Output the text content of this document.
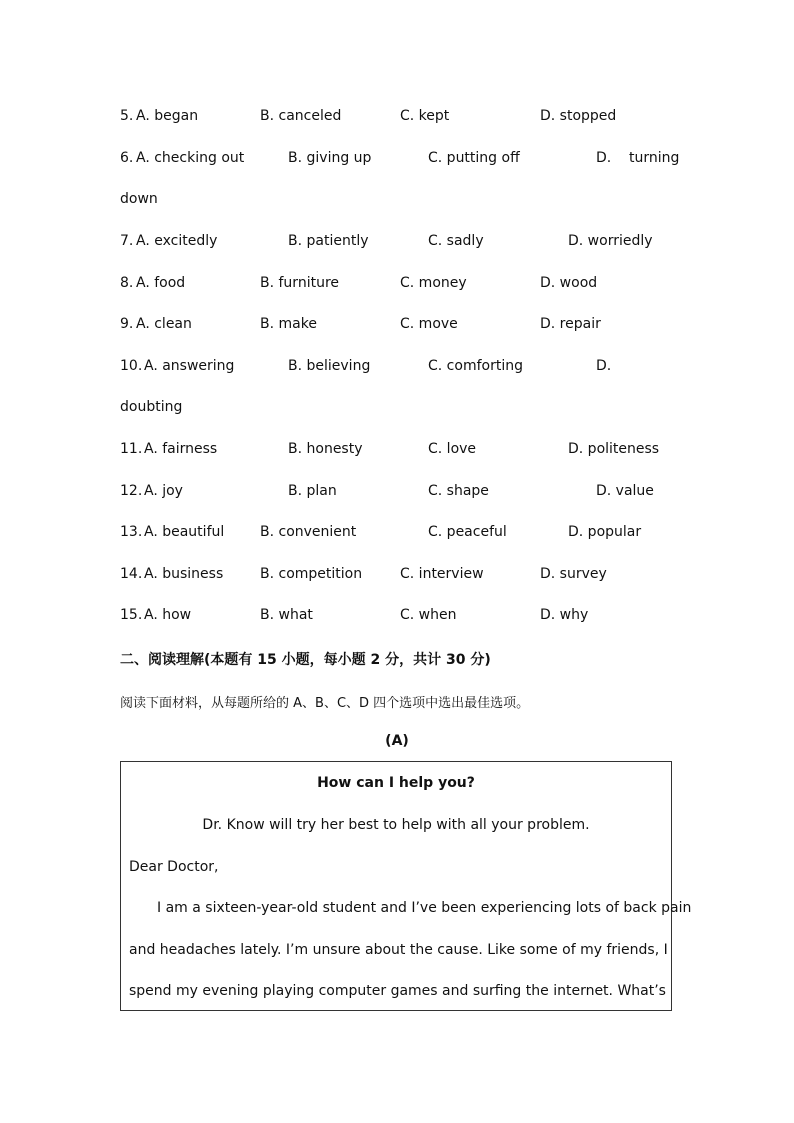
5. A. began	B. canceled	C. kept	D. stopped
6. A. checking out	B. giving up	C. putting off	D.    turning
down
7. A. excitedly	B. patiently	C. sadly	D. worriedly
8. A. food	B. furniture	C. money	D. wood
9. A. clean	B. make	C. move	D. repair
10. A. answering	B. believing	C. comforting	D.
doubting
11. A. fairness	B. honesty	C. love	D. politeness
12. A. joy	B. plan	C. shape	D. value
13. A. beautiful	B. convenient	C. peaceful	D. popular
14. A. business	B. competition	C. interview	D. survey
15. A. how	B. what	C. when	D. why
二、阅读理解(本题有 15 小题，每小题 2 分，共计 30 分)
阅读下面材料，从每题所给的 A、B、C、D 四个选项中选出最佳选项。
(A)
How can I help you?
Dr. Know will try her best to help with all your problem.
Dear Doctor,
I am a sixteen-year-old student and I’ve been experiencing lots of back pain
and headaches lately. I’m unsure about the cause. Like some of my friends, I
spend my evening playing computer games and surfing the internet. What’s
